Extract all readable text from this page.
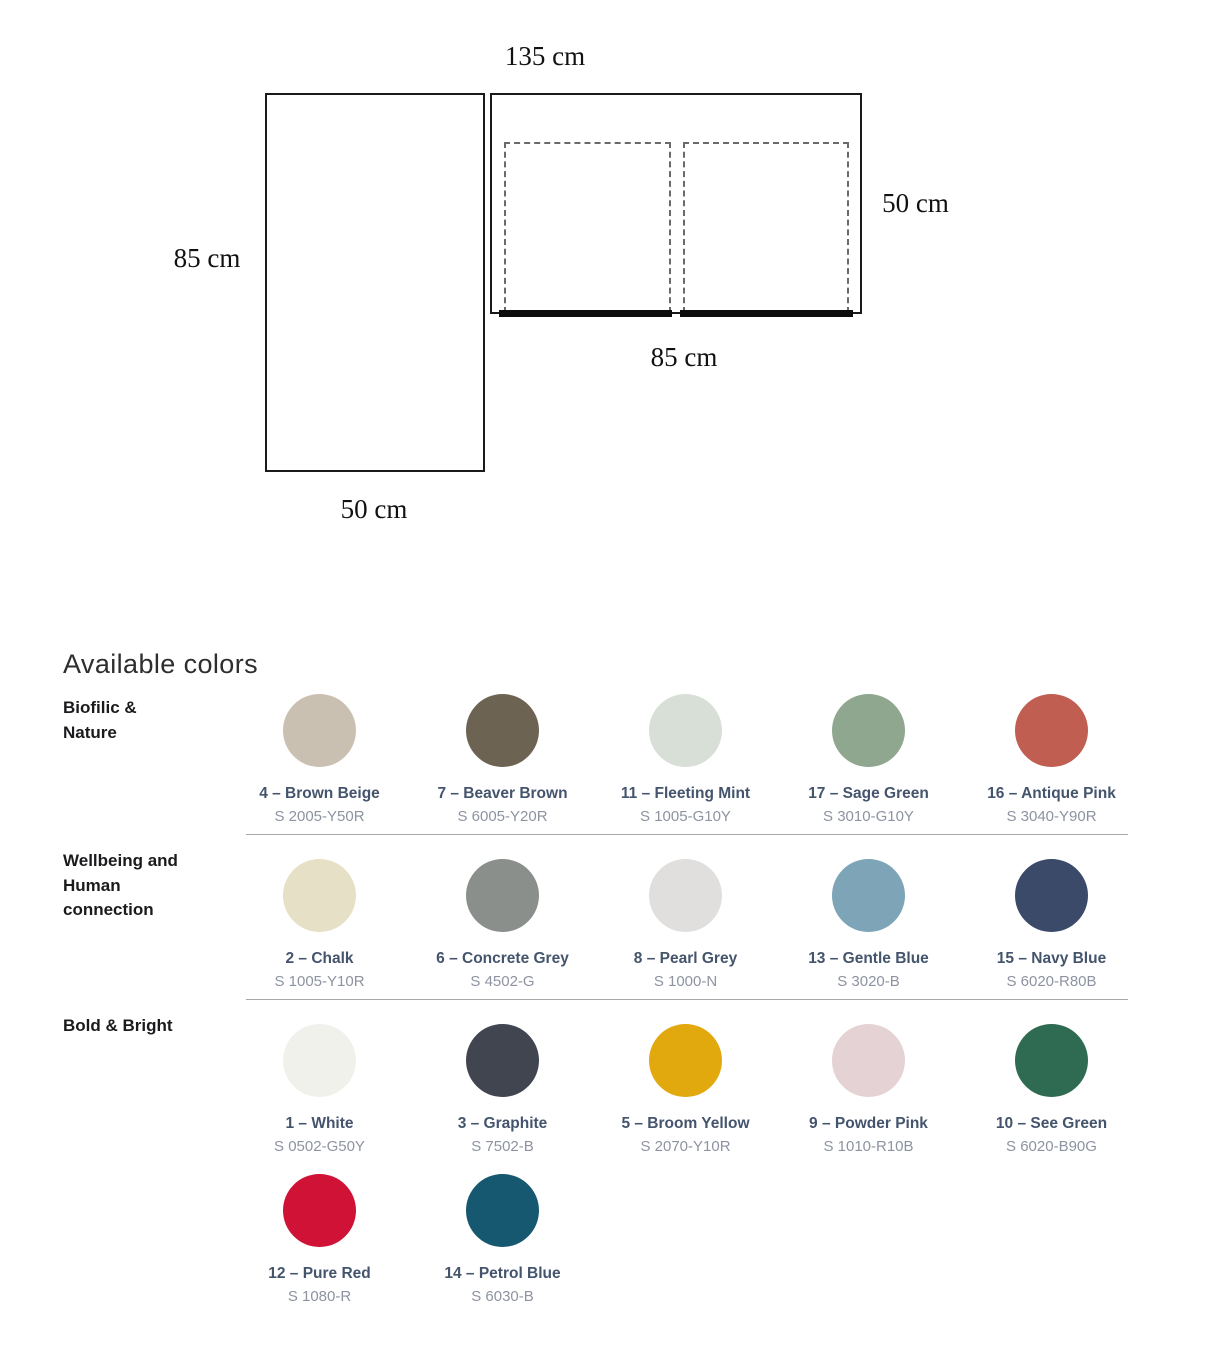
135 cm
50 cm
85 cm
85 cm
50 cm
Available colors
Biofilic & Nature
4 – Brown Beige
S 2005-Y50R
7 – Beaver Brown
S 6005-Y20R
11 – Fleeting Mint
S 1005-G10Y
17 – Sage Green
S 3010-G10Y
16 – Antique Pink
S 3040-Y90R
Wellbeing and Human connection
2 – Chalk
S 1005-Y10R
6 – Concrete Grey
S 4502-G
8 – Pearl Grey
S 1000-N
13 – Gentle Blue
S 3020-B
15 – Navy Blue
S 6020-R80B
Bold & Bright
1 – White
S 0502-G50Y
3 – Graphite
S 7502-B
5 – Broom Yellow
S 2070-Y10R
9 – Powder Pink
S 1010-R10B
10 – See Green
S 6020-B90G
12 – Pure Red
S 1080-R
14 – Petrol Blue
S 6030-B
